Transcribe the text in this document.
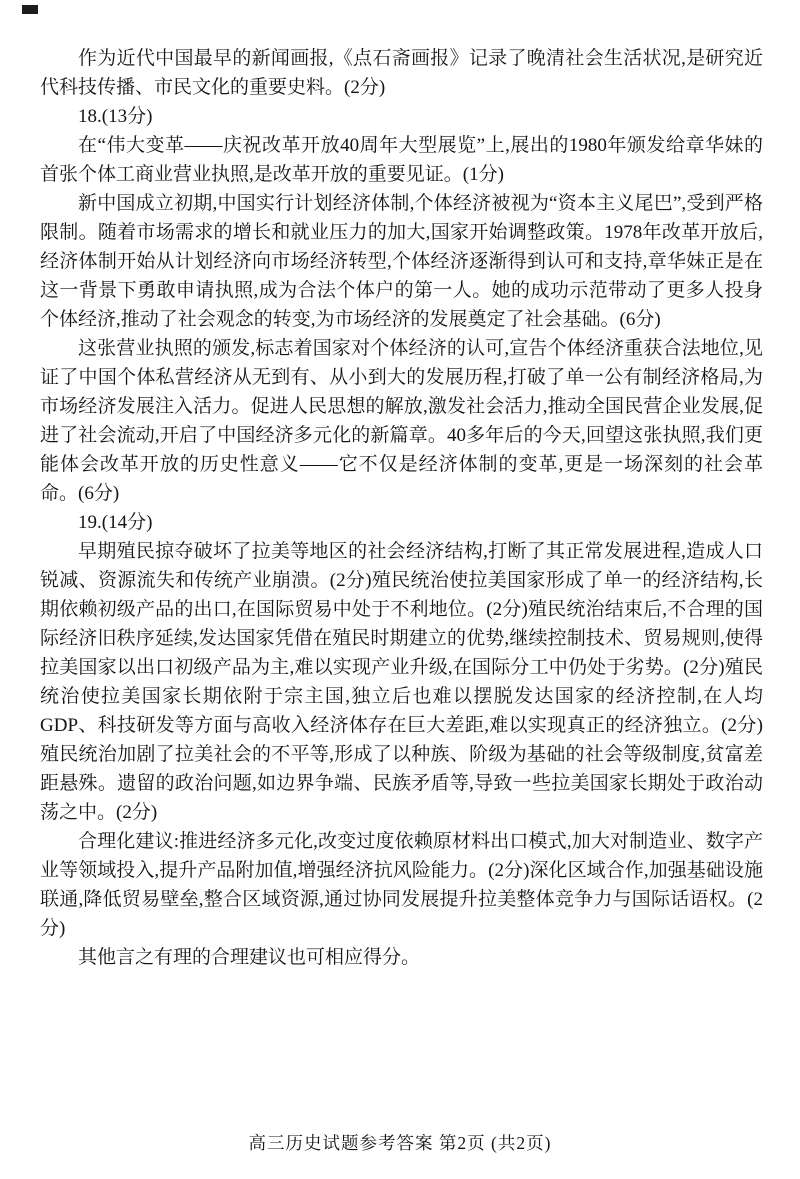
作为近代中国最早的新闻画报,《点石斋画报》记录了晚清社会生活状况,是研究近代科技传播、市民文化的重要史料。(2分)

18.(13分)

在“伟大变革——庆祝改革开放40周年大型展览”上,展出的1980年颁发给章华妹的首张个体工商业营业执照,是改革开放的重要见证。(1分)

新中国成立初期,中国实行计划经济体制,个体经济被视为“资本主义尾巴”,受到严格限制。随着市场需求的增长和就业压力的加大,国家开始调整政策。1978年改革开放后,经济体制开始从计划经济向市场经济转型,个体经济逐渐得到认可和支持,章华妹正是在这一背景下勇敢申请执照,成为合法个体户的第一人。她的成功示范带动了更多人投身个体经济,推动了社会观念的转变,为市场经济的发展奠定了社会基础。(6分)

这张营业执照的颁发,标志着国家对个体经济的认可,宣告个体经济重获合法地位,见证了中国个体私营经济从无到有、从小到大的发展历程,打破了单一公有制经济格局,为市场经济发展注入活力。促进人民思想的解放,激发社会活力,推动全国民营企业发展,促进了社会流动,开启了中国经济多元化的新篇章。40多年后的今天,回望这张执照,我们更能体会改革开放的历史性意义——它不仅是经济体制的变革,更是一场深刻的社会革命。(6分)

19.(14分)

早期殖民掠夺破坏了拉美等地区的社会经济结构,打断了其正常发展进程,造成人口锐减、资源流失和传统产业崩溃。(2分)殖民统治使拉美国家形成了单一的经济结构,长期依赖初级产品的出口,在国际贸易中处于不利地位。(2分)殖民统治结束后,不合理的国际经济旧秩序延续,发达国家凭借在殖民时期建立的优势,继续控制技术、贸易规则,使得拉美国家以出口初级产品为主,难以实现产业升级,在国际分工中仍处于劣势。(2分)殖民统治使拉美国家长期依附于宗主国,独立后也难以摆脱发达国家的经济控制,在人均 GDP、科技研发等方面与高收入经济体存在巨大差距,难以实现真正的经济独立。(2分)殖民统治加剧了拉美社会的不平等,形成了以种族、阶级为基础的社会等级制度,贫富差距悬殊。遗留的政治问题,如边界争端、民族矛盾等,导致一些拉美国家长期处于政治动荡之中。(2分)

合理化建议:推进经济多元化,改变过度依赖原材料出口模式,加大对制造业、数字产业等领域投入,提升产品附加值,增强经济抗风险能力。(2分)深化区域合作,加强基础设施联通,降低贸易壁垒,整合区域资源,通过协同发展提升拉美整体竞争力与国际话语权。(2分)

其他言之有理的合理建议也可相应得分。

高三历史试题参考答案 第2页 (共2页)
